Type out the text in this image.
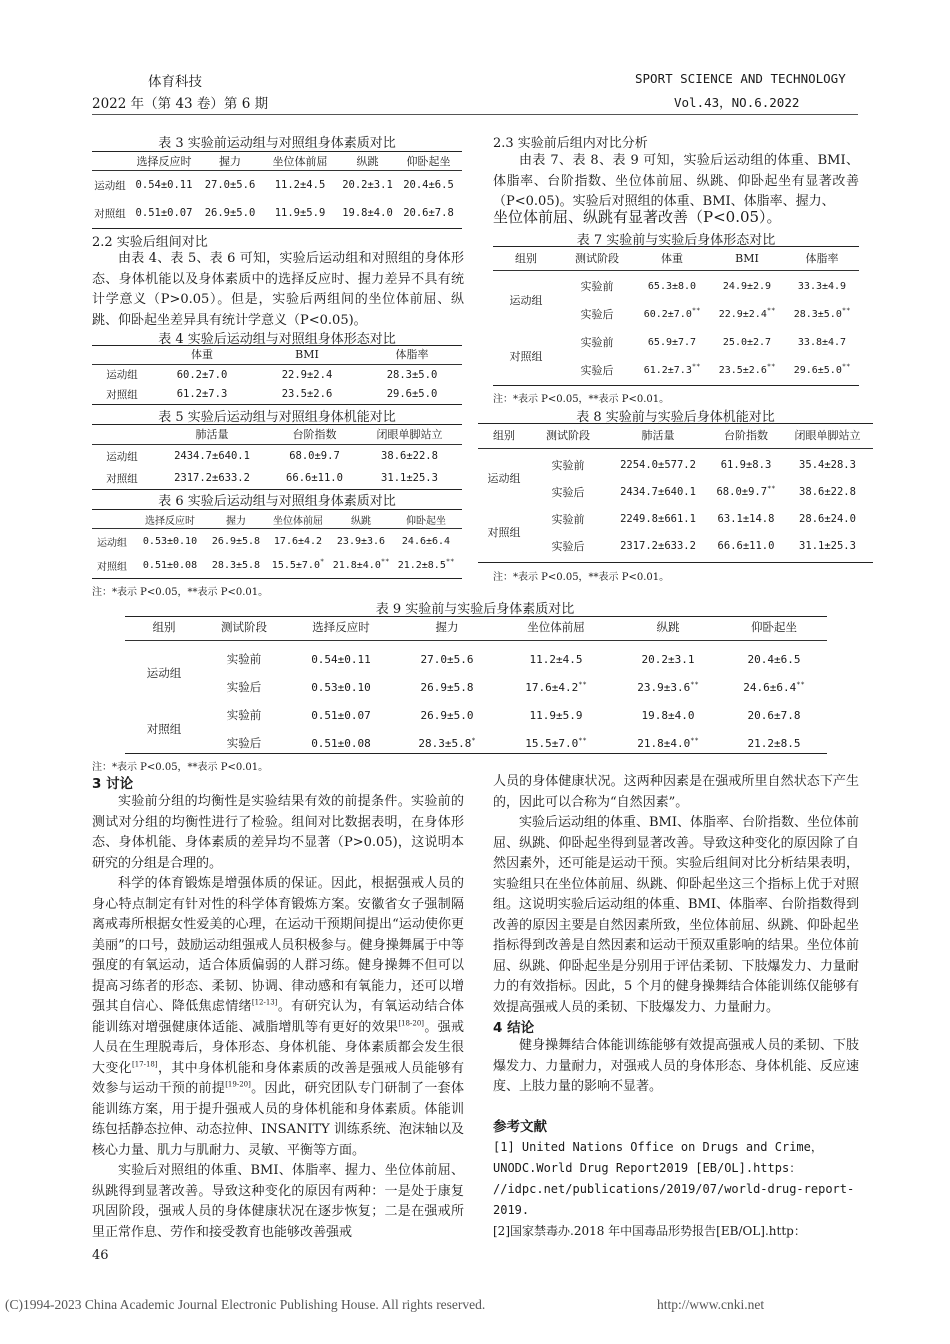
体育科技
2022 年（第 43 卷）第 6 期
SPORT SCIENCE AND TECHNOLOGY
Vol.43，NO.6.2022
表 3 实验前运动组与对照组身体素质对比
	选择反应时	握力	坐位体前屈	纵跳	仰卧起坐
运动组	0.54±0.11	27.0±5.6	11.2±4.5	20.2±3.1	20.4±6.5
对照组	0.51±0.07	26.9±5.0	11.9±5.9	19.8±4.0	20.6±7.8
2.2 实验后组间对比

由表 4、表 5、表 6 可知，实验后运动组和对照组的身体形态、身体机能以及身体素质中的选择反应时、握力差异不具有统计学意义（P>0.05）。但是，实验后两组间的坐位体前屈、纵跳、仰卧起坐差异具有统计学意义（P<0.05)。

表 4 实验后运动组与对照组身体形态对比
	体重	BMI	体脂率
运动组	60.2±7.0	22.9±2.4	28.3±5.0
对照组	61.2±7.3	23.5±2.6	29.6±5.0
表 5 实验后运动组与对照组身体机能对比
	肺活量	台阶指数	闭眼单脚站立
运动组	2434.7±640.1	68.0±9.7	38.6±22.8
对照组	2317.2±633.2	66.6±11.0	31.1±25.3
表 6 实验后运动组与对照组身体素质对比
	选择反应时	握力	坐位体前屈	纵跳	仰卧起坐
运动组	0.53±0.10	26.9±5.8	17.6±4.2	23.9±3.6	24.6±6.4
对照组	0.51±0.08	28.3±5.8	15.5±7.0*	21.8±4.0**	21.2±8.5**
注：*表示 P<0.05，**表示 P<0.01。
2.3 实验前后组内对比分析

由表 7、表 8、表 9 可知，实验后运动组的体重、BMI、体脂率、台阶指数、坐位体前屈、纵跳、仰卧起坐有显著改善（P<0.05)。实验后对照组的体重、BMI、体脂率、握力、

坐位体前屈、纵跳有显著改善（P<0.05）。
表 7 实验前与实验后身体形态对比
组别	测试阶段	体重	BMI	体脂率
运动组	实验前	65.3±8.0	24.9±2.9	33.3±4.9
	实验后	60.2±7.0**	22.9±2.4**	28.3±5.0**
对照组	实验前	65.9±7.7	25.0±2.7	33.8±4.7
	实验后	61.2±7.3**	23.5±2.6**	29.6±5.0**
注：*表示 P<0.05，**表示 P<0.01。
表 8 实验前与实验后身体机能对比
组别	测试阶段	肺活量	台阶指数	闭眼单脚站立
运动组	实验前	2254.0±577.2	61.9±8.3	35.4±28.3
	实验后	2434.7±640.1	68.0±9.7**	38.6±22.8
对照组	实验前	2249.8±661.1	63.1±14.8	28.6±24.0
	实验后	2317.2±633.2	66.6±11.0	31.1±25.3
注：*表示 P<0.05，**表示 P<0.01。
表 9 实验前与实验后身体素质对比
组别	测试阶段	选择反应时	握力	坐位体前屈	纵跳	仰卧起坐
运动组	实验前	0.54±0.11	27.0±5.6	11.2±4.5	20.2±3.1	20.4±6.5
	实验后	0.53±0.10	26.9±5.8	17.6±4.2**	23.9±3.6**	24.6±6.4**
对照组	实验前	0.51±0.07	26.9±5.0	11.9±5.9	19.8±4.0	20.6±7.8
	实验后	0.51±0.08	28.3±5.8*	15.5±7.0**	21.8±4.0**	21.2±8.5
注：*表示 P<0.05，**表示 P<0.01。
3 讨论

实验前分组的均衡性是实验结果有效的前提条件。实验前的测试对分组的均衡性进行了检验。组间对比数据表明，在身体形态、身体机能、身体素质的差异均不显著（P>0.05)，这说明本研究的分组是合理的。

科学的体育锻炼是增强体质的保证。因此，根据强戒人员的身心特点制定有针对性的科学体育锻炼方案。安徽省女子强制隔离戒毒所根据女性爱美的心理，在运动干预期间提出“运动使你更美丽”的口号，鼓励运动组强戒人员积极参与。健身操舞属于中等强度的有氧运动，适合体质偏弱的人群习练。健身操舞不但可以提高习练者的形态、柔韧、协调、律动感和有氧能力，还可以增强其自信心、降低焦虑情绪[12-13]。有研究认为，有氧运动结合体能训练对增强健康体适能、减脂增肌等有更好的效果[18-20]。强戒人员在生理脱毒后，身体形态、身体机能、身体素质都会发生很大变化[17-18]，其中身体机能和身体素质的改善是强戒人员能够有效参与运动干预的前提[19-20]。因此，研究团队专门研制了一套体能训练方案，用于提升强戒人员的身体机能和身体素质。体能训练包括静态拉伸、动态拉伸、INSANITY 训练系统、泡沫轴以及核心力量、肌力与肌耐力、灵敏、平衡等方面。

实验后对照组的体重、BMI、体脂率、握力、坐位体前屈、纵跳得到显著改善。导致这种变化的原因有两种：一是处于康复巩固阶段，强戒人员的身体健康状况在逐步恢复；二是在强戒所里正常作息、劳作和接受教育也能够改善强戒

人员的身体健康状况。这两种因素是在强戒所里自然状态下产生的，因此可以合称为“自然因素”。

实验后运动组的体重、BMI、体脂率、台阶指数、坐位体前屈、纵跳、仰卧起坐得到显著改善。导致这种变化的原因除了自然因素外，还可能是运动干预。实验后组间对比分析结果表明，实验组只在坐位体前屈、纵跳、仰卧起坐这三个指标上优于对照组。这说明实验后运动组的体重、BMI、体脂率、台阶指数得到改善的原因主要是自然因素所致，坐位体前屈、纵跳、仰卧起坐指标得到改善是自然因素和运动干预双重影响的结果。坐位体前屈、纵跳、仰卧起坐是分别用于评估柔韧、下肢爆发力、力量耐力的有效指标。因此，5 个月的健身操舞结合体能训练仅能够有效提高强戒人员的柔韧、下肢爆发力、力量耐力。

4 结论

健身操舞结合体能训练能够有效提高强戒人员的柔韧、下肢爆发力、力量耐力，对强戒人员的身体形态、身体机能、反应速度、上肢力量的影响不显著。

参考文献

[1] United Nations Office on Drugs and Crime，

UNODC.World Drug Report2019 [EB/OL].https：

//idpc.net/publications/2019/07/world-drug-report-

2019.

[2]国家禁毒办.2018 年中国毒品形势报告[EB/OL].http：

46
(C)1994-2023 China Academic Journal Electronic Publishing House. All rights reserved.	http://www.cnki.net
